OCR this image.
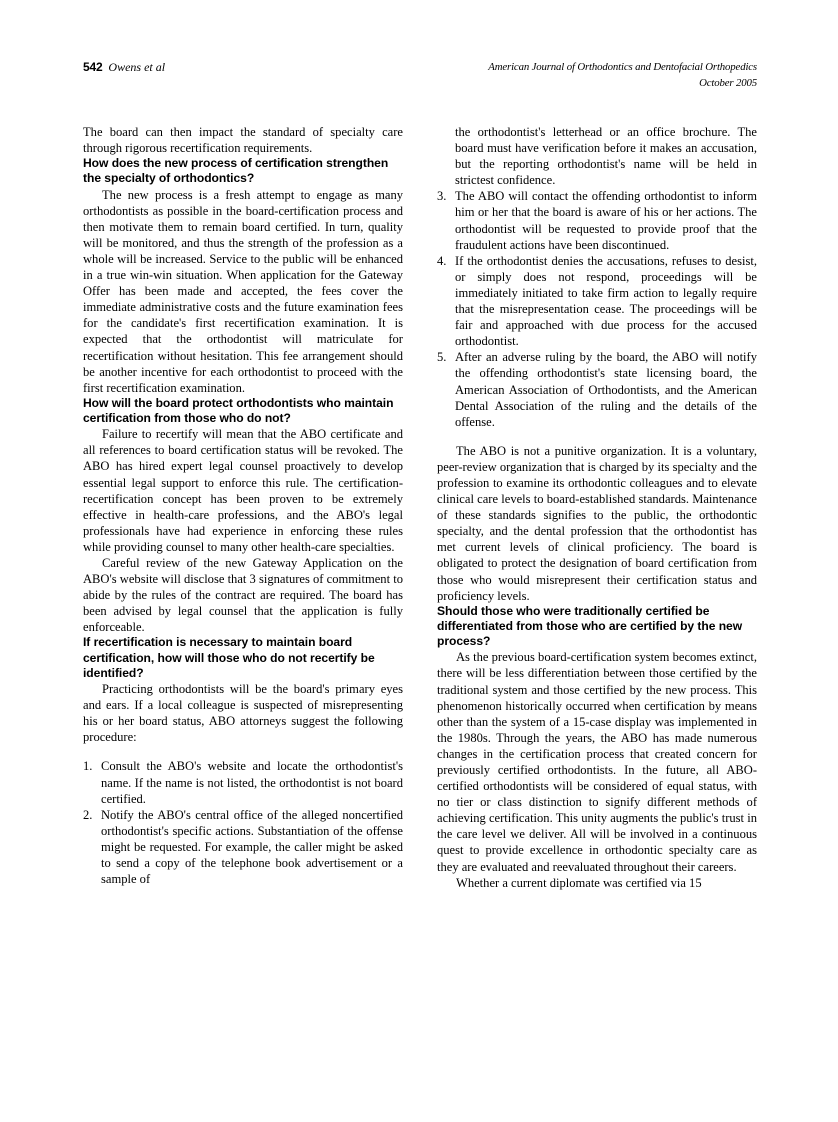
542 Owens et al	American Journal of Orthodontics and Dentofacial Orthopedics
October 2005

The board can then impact the standard of specialty care through rigorous recertification requirements.

How does the new process of certification strengthen the specialty of orthodontics?

The new process is a fresh attempt to engage as many orthodontists as possible in the board-certification process and then motivate them to remain board certified. In turn, quality will be monitored, and thus the strength of the profession as a whole will be increased. Service to the public will be enhanced in a true win-win situation. When application for the Gateway Offer has been made and accepted, the fees cover the immediate administrative costs and the future examination fees for the candidate's first recertification examination. It is expected that the orthodontist will matriculate for recertification without hesitation. This fee arrangement should be another incentive for each orthodontist to proceed with the first recertification examination.

How will the board protect orthodontists who maintain certification from those who do not?

Failure to recertify will mean that the ABO certificate and all references to board certification status will be revoked. The ABO has hired expert legal counsel proactively to develop essential legal support to enforce this rule. The certification-recertification concept has been proven to be extremely effective in health-care professions, and the ABO's legal professionals have had experience in enforcing these rules while providing counsel to many other health-care specialties.

Careful review of the new Gateway Application on the ABO's website will disclose that 3 signatures of commitment to abide by the rules of the contract are required. The board has been advised by legal counsel that the application is fully enforceable.

If recertification is necessary to maintain board certification, how will those who do not recertify be identified?

Practicing orthodontists will be the board's primary eyes and ears. If a local colleague is suspected of misrepresenting his or her board status, ABO attorneys suggest the following procedure:

1. Consult the ABO's website and locate the orthodontist's name. If the name is not listed, the orthodontist is not board certified.
2. Notify the ABO's central office of the alleged noncertified orthodontist's specific actions. Substantiation of the offense might be requested. For example, the caller might be asked to send a copy of the telephone book advertisement or a sample of

the orthodontist's letterhead or an office brochure. The board must have verification before it makes an accusation, but the reporting orthodontist's name will be held in strictest confidence.

3. The ABO will contact the offending orthodontist to inform him or her that the board is aware of his or her actions. The orthodontist will be requested to provide proof that the fraudulent actions have been discontinued.
4. If the orthodontist denies the accusations, refuses to desist, or simply does not respond, proceedings will be immediately initiated to take firm action to legally require that the misrepresentation cease. The proceedings will be fair and approached with due process for the accused orthodontist.
5. After an adverse ruling by the board, the ABO will notify the offending orthodontist's state licensing board, the American Association of Orthodontists, and the American Dental Association of the ruling and the details of the offense.

The ABO is not a punitive organization. It is a voluntary, peer-review organization that is charged by its specialty and the profession to examine its orthodontic colleagues and to elevate clinical care levels to board-established standards. Maintenance of these standards signifies to the public, the orthodontic specialty, and the dental profession that the orthodontist has met current levels of clinical proficiency. The board is obligated to protect the designation of board certification from those who would misrepresent their certification status and proficiency levels.

Should those who were traditionally certified be differentiated from those who are certified by the new process?

As the previous board-certification system becomes extinct, there will be less differentiation between those certified by the traditional system and those certified by the new process. This phenomenon historically occurred when certification by means other than the system of a 15-case display was implemented in the 1980s. Through the years, the ABO has made numerous changes in the certification process that created concern for previously certified orthodontists. In the future, all ABO-certified orthodontists will be considered of equal status, with no tier or class distinction to signify different methods of achieving certification. This unity augments the public's trust in the care level we deliver. All will be involved in a continuous quest to provide excellence in orthodontic specialty care as they are evaluated and reevaluated throughout their careers.

Whether a current diplomate was certified via 15
